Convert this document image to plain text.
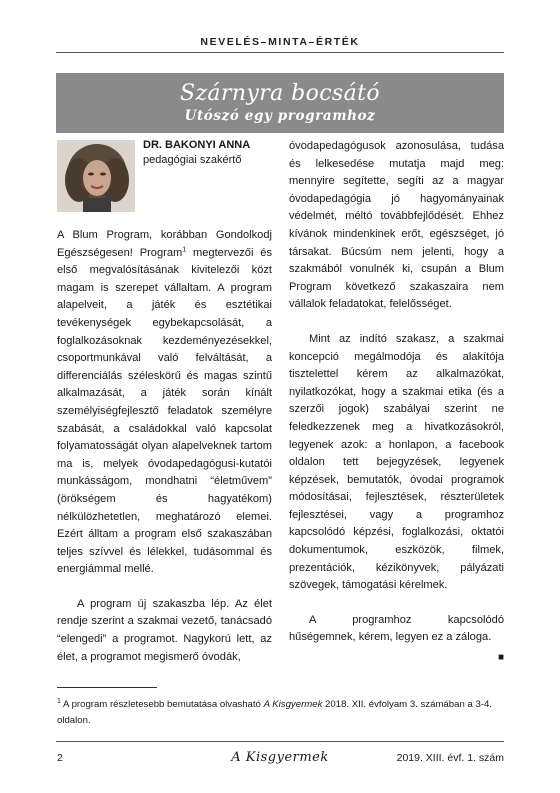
NEVELÉS–MINTA–ÉRTÉK
Szárnyra bocsátó
Utószó egy programhoz
DR. BAKONYI ANNA
pedagógiai szakértő

A Blum Program, korábban Gondolkodj Egészségesen! Program$^1$ megtervezői és első megvalósításának kivitelezői közt magam is szerepet vállaltam. A program alapelveit, a játék és esztétikai tevékenységek egybekapcsolását, a foglalkozásoknak kezdeményezésekkel, csoportmunkával való felváltását, a differenciálás széleskörű és magas szintű alkalmazását, a játék során kínált személyiségfejlesztő feladatok személyre szabását, a családokkal való kapcsolat folyamatosságát olyan alapelveknek tartom ma is, melyek óvodapedagógusi-kutatói munkásságom, mondhatni “életművem” (örökségem és hagyatékom) nélkülözhetetlen, meghatározó elemei. Ezért álltam a program első szakaszában teljes szívvel és lélekkel, tudásommal és energiámmal mellé.

A program új szakaszba lép. Az élet rendje szerint a szakmai vezető, tanácsadó “elengedi” a programot. Nagykorú lett, az élet, a programot megismerő óvodák,

óvodapedagógusok azonosulása, tudása és lelkesedése mutatja majd meg: mennyire segítette, segíti az a magyar óvodapedagógia jó hagyományainak védelmét, méltó továbbfejlődését. Ehhez kívánok mindenkinek erőt, egészséget, jó társakat. Búcsúm nem jelenti, hogy a szakmából vonulnék ki, csupán a Blum Program következő szakaszaira nem vállalok feladatokat, felelősséget.

Mint az indító szakasz, a szakmai koncepció megálmodója és alakítója tisztelettel kérem az alkalmazókat, nyilatkozókat, hogy a szakmai etika (és a szerzői jogok) szabályai szerint ne feledkezzenek meg a hivatkozásokról, legyenek azok: a honlapon, a facebook oldalon tett bejegyzések, legyenek képzések, bemutatók, óvodai programok módosításai, fejlesztések, részterületek fejlesztései, vagy a programhoz kapcsolódó képzési, foglalkozási, oktatói dokumentumok, eszközök, filmek, prezentációk, kézikönyvek, pályázati szövegek, támogatási kérelmek.

A programhoz kapcsolódó hűségemnek, kérem, legyen ez a záloga.

■
$^1$ A program részletesebb bemutatása olvasható A Kisgyermek 2018. XII. évfolyam 3. számában a 3-4. oldalon.
2	A Kisgyermek	2019. XIII. évf. 1. szám
